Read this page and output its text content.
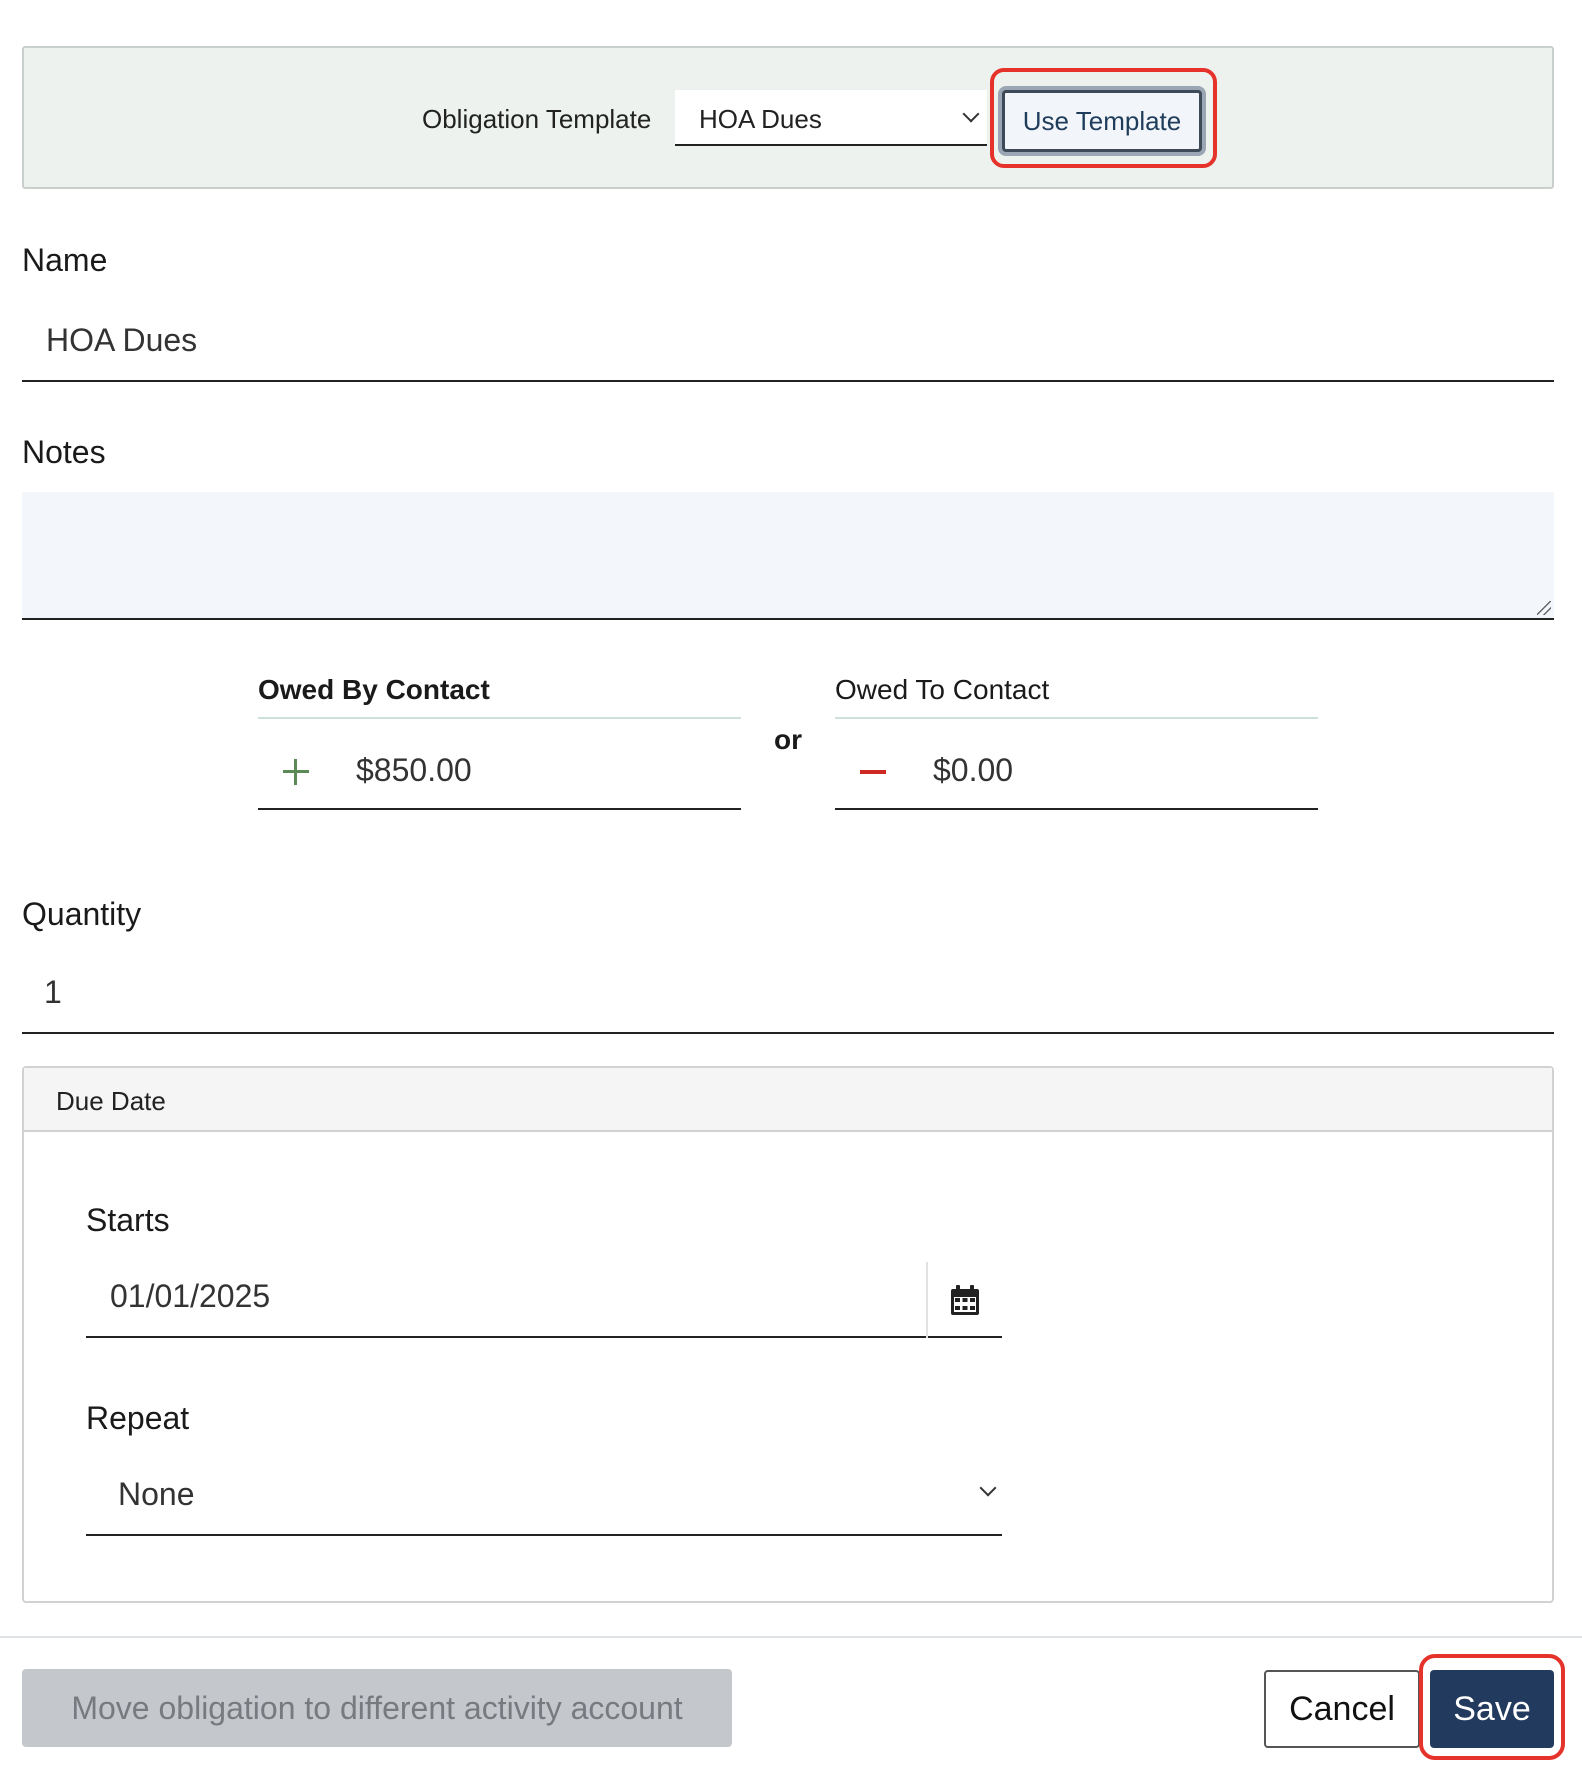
Obligation Template HOA Dues	Use Template
Name
HOA Dues
Notes
Owed By Contact
$850.00
or
Owed To Contact
$0.00
Quantity
1
Due Date
Starts
01/01/2025
Repeat
None
Move obligation to different activity account	Cancel	Save
